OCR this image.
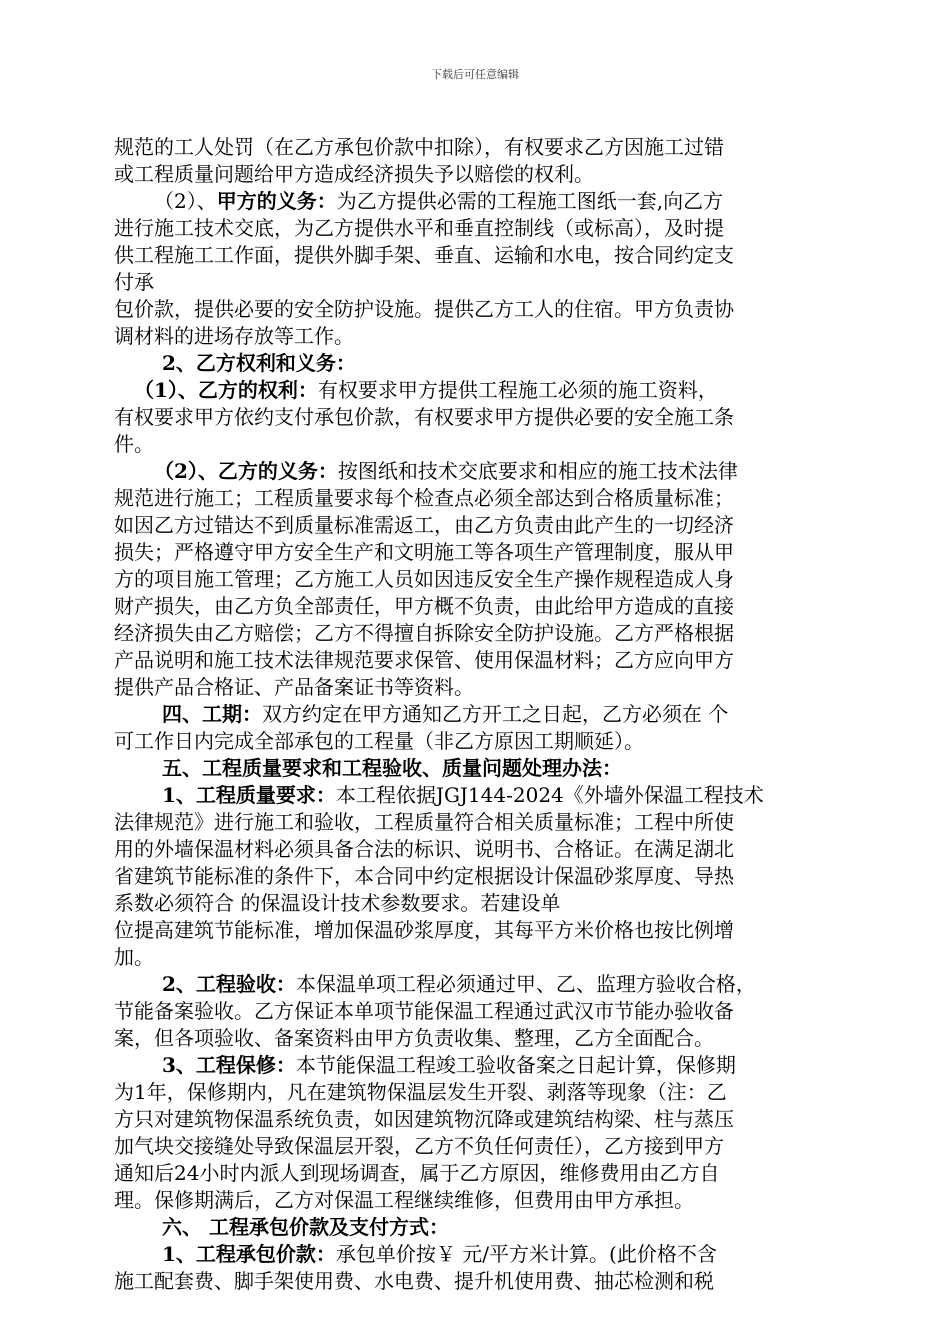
下载后可任意编辑
规范的工人处罚（在乙方承包价款中扣除），有权要求乙方因施工过错
或工程质量问题给甲方造成经济损失予以赔偿的权利。
（2）、甲方的义务：为乙方提供必需的工程施工图纸一套,向乙方
进行施工技术交底，为乙方提供水平和垂直控制线（或标高），及时提
供工程施工工作面，提供外脚手架、垂直、运输和水电，按合同约定支
付承
包价款，提供必要的安全防护设施。提供乙方工人的住宿。甲方负责协
调材料的进场存放等工作。
2、乙方权利和义务：
（1）、乙方的权利：有权要求甲方提供工程施工必须的施工资料，
有权要求甲方依约支付承包价款，有权要求甲方提供必要的安全施工条
件。
（2）、乙方的义务：按图纸和技术交底要求和相应的施工技术法律
规范进行施工；工程质量要求每个检查点必须全部达到合格质量标准；
如因乙方过错达不到质量标准需返工，由乙方负责由此产生的一切经济
损失；严格遵守甲方安全生产和文明施工等各项生产管理制度，服从甲
方的项目施工管理；乙方施工人员如因违反安全生产操作规程造成人身
财产损失，由乙方负全部责任，甲方概不负责，由此给甲方造成的直接
经济损失由乙方赔偿；乙方不得擅自拆除安全防护设施。乙方严格根据
产品说明和施工技术法律规范要求保管、使用保温材料；乙方应向甲方
提供产品合格证、产品备案证书等资料。
四、工期：双方约定在甲方通知乙方开工之日起，乙方必须在 个
可工作日内完成全部承包的工程量（非乙方原因工期顺延）。
五、工程质量要求和工程验收、质量问题处理办法：
1、工程质量要求：本工程依据JGJ144-2024《外墙外保温工程技术
法律规范》进行施工和验收，工程质量符合相关质量标准；工程中所使
用的外墙保温材料必须具备合法的标识、说明书、合格证。在满足湖北
省建筑节能标准的条件下，本合同中约定根据设计保温砂浆厚度、导热
系数必须符合 的保温设计技术参数要求。若建设单
位提高建筑节能标准，增加保温砂浆厚度，其每平方米价格也按比例增
加。
2、工程验收：本保温单项工程必须通过甲、乙、监理方验收合格，
节能备案验收。乙方保证本单项节能保温工程通过武汉市节能办验收备
案，但各项验收、备案资料由甲方负责收集、整理，乙方全面配合。
3、工程保修：本节能保温工程竣工验收备案之日起计算，保修期
为1年，保修期内，凡在建筑物保温层发生开裂、剥落等现象（注：乙
方只对建筑物保温系统负责，如因建筑物沉降或建筑结构梁、柱与蒸压
加气块交接缝处导致保温层开裂，乙方不负任何责任），乙方接到甲方
通知后24小时内派人到现场调查，属于乙方原因，维修费用由乙方自
理。保修期满后，乙方对保温工程继续维修，但费用由甲方承担。
六、 工程承包价款及支付方式：
1、工程承包价款：承包单价按￥ 元/平方米计算。(此价格不含
施工配套费、脚手架使用费、水电费、提升机使用费、抽芯检测和税
